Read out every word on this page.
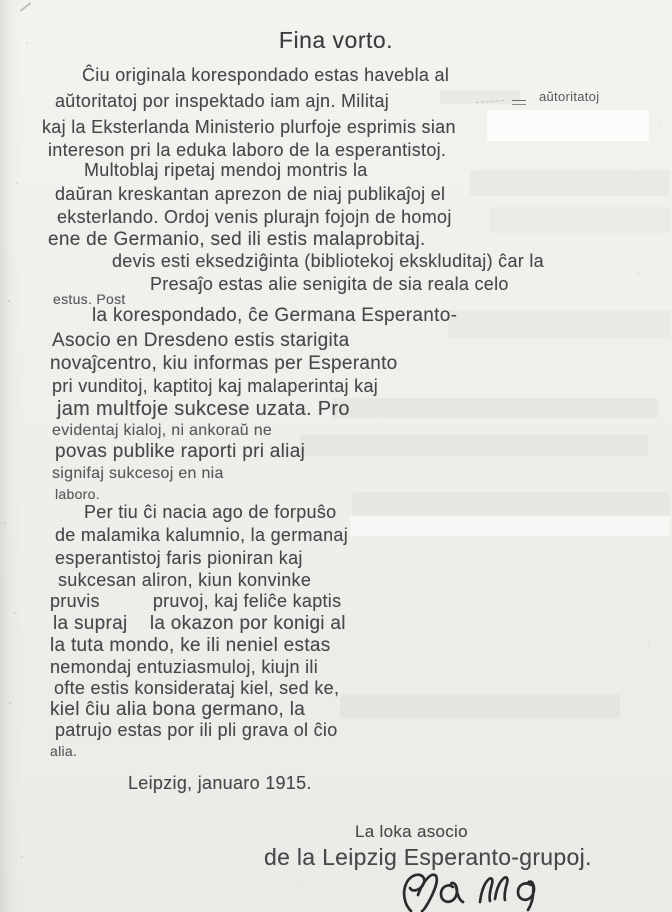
Fina vorto.
— aŭtoritatoj
Ĉiu originala korespondado estas havebla al
aŭtoritatoj por inspektado iam ajn. Militaj
kaj la Eksterlanda Ministerio plurfoje esprimis sian
intereson pri la eduka laboro de la esperantistoj.
Multoblaj ripetaj mendoj montris la
daŭran kreskantan aprezon de niaj publikaĵoj el
eksterlando. Ordoj venis plurajn fojojn de homoj
ene de Germanio, sed ili estis malaprobitaj.
devis esti eksedziĝinta (bibliotekoj ekskluditaj) ĉar la
Presaĵo estas alie senigita de sia reala celo
estus. Post
la korespondado, ĉe Germana Esperanto-
Asocio en Dresdeno estis starigita
novaĵcentro, kiu informas per Esperanto
pri vunditoj, kaptitoj kaj malaperintaj kaj
jam multfoje sukcese uzata. Pro
evidentaj kialoj, ni ankoraŭ ne
povas publike raporti pri aliaj
signifaj sukcesoj en nia
laboro.
Per tiu ĉi nacia ago de forpuŝo
de malamika kalumnio, la germanaj
esperantistoj faris pioniran kaj
sukcesan aliron, kiun konvinke
pruvis          pruvoj, kaj feliĉe kaptis
la supraj    la okazon por konigi al
la tuta mondo, ke ili neniel estas
nemondaj entuziasmuloj, kiujn ili
ofte estis konsiderataj kiel, sed ke,
kiel ĉiu alia bona germano, la
patrujo estas por ili pli grava ol ĉio
alia.
Leipzig, januaro 1915.
La loka asocio
de la Leipzig Esperanto-grupoj.
